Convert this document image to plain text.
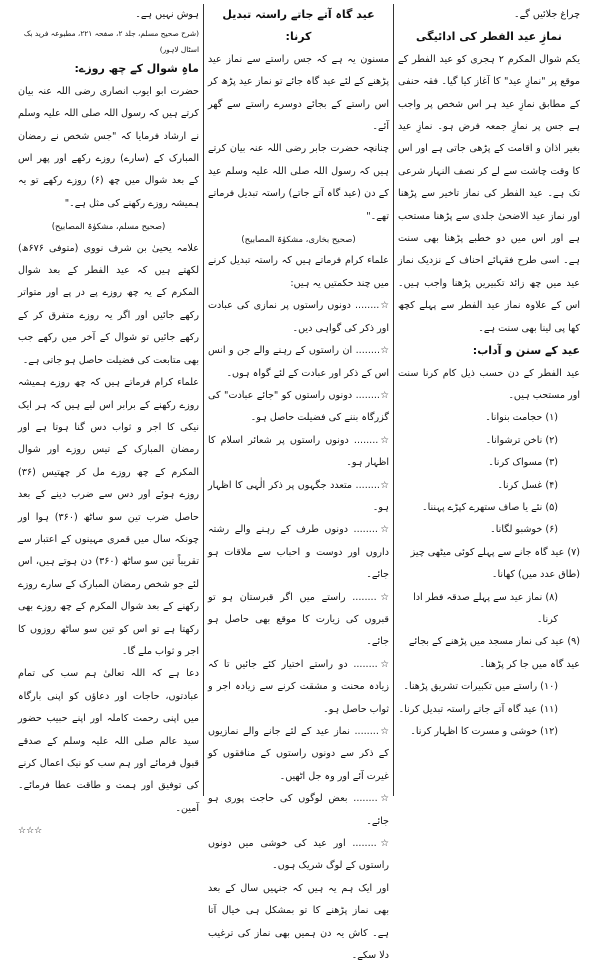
چراغ جلائیں گے۔

نمازِ عید الفطر کی ادائیگی

یکم شوال المکرم ۲ ہجری کو عید الفطر کے موقع پر "نمازِ عید" کا آغاز کیا گیا۔ فقہ حنفی کے مطابق نمازِ عید ہر اس شخص پر واجب ہے جس پر نمازِ جمعہ فرض ہو۔ نمازِ عید بغیر اذان و اقامت کے پڑھی جاتی ہے اور اس کا وقت چاشت سے لے کر نصف النہار شرعی تک ہے۔ عید الفطر کی نماز تاخیر سے پڑھنا اور نماز عید الاضحیٰ جلدی سے پڑھنا مستحب ہے اور اس میں دو خطبے پڑھنا بھی سنت ہے۔ اسی طرح فقہائے احناف کے نزدیک نماز عید میں چھ زائد تکبیریں پڑھنا واجب ہیں۔ اس کے علاوہ نماز عید الفطر سے پہلے کچھ کھا پی لینا بھی سنت ہے۔

عید کے سنن و آداب:

عید الفطر کے دن حسب ذیل کام کرنا سنت اور مستحب ہیں۔

(۱) حجامت بنوانا۔

(۲) ناخن ترشوانا۔

(۳) مسواک کرنا۔

(۴) غسل کرنا۔

(۵) نئے یا صاف ستھرے کپڑے پہننا۔

(۶) خوشبو لگانا۔

(۷) عید گاہ جانے سے پہلے کوئی میٹھی چیز (طاق عدد میں) کھانا۔

(۸) نماز عید سے پہلے صدقہ فطر ادا کرنا۔

(۹) عید کی نماز مسجد میں پڑھنے کے بجائے عید گاہ میں جا کر پڑھنا۔

(۱۰) راستے میں تکبیرات تشریق پڑھنا۔

(۱۱) عید گاہ آتے جاتے راستہ تبدیل کرنا۔

(۱۲) خوشی و مسرت کا اظہار کرنا۔

عید گاہ آتے جاتے راستہ تبدیل کرنا:

مسنون یہ ہے کہ جس راستے سے نماز عید پڑھنے کے لئے عید گاہ جائے تو نماز عید پڑھ کر اس راستے کے بجائے دوسرے راستے سے گھر آئے۔

چنانچہ حضرت جابر رضی اللہ عنہ بیان کرتے ہیں کہ رسول اللہ صلی اللہ علیہ وسلم عید کے دن (عید گاہ آتے جاتے) راستہ تبدیل فرماتے تھے۔"

(صحیح بخاری، مشکوٰۃ المصابیح)

علماء کرام فرماتے ہیں کہ راستہ تبدیل کرنے میں چند حکمتیں یہ ہیں:

☆........ دونوں راستوں پر نمازی کی عبادت اور ذکر کی گواہی دیں۔

☆........ ان راستوں کے رہنے والے جن و انس اس کے ذکر اور عبادت کے لئے گواہ ہوں۔

☆........ دونوں راستوں کو "جائے عبادت" کی گزرگاہ بننے کی فضیلت حاصل ہو۔

☆........ دونوں راستوں پر شعائر اسلام کا اظہار ہو۔

☆........ متعدد جگہوں پر ذکر الٰہی کا اظہار ہو۔

☆........ دونوں طرف کے رہنے والے رشتہ داروں اور دوست و احباب سے ملاقات ہو جائے۔

☆........ راستے میں اگر قبرستان ہو تو قبروں کی زیارت کا موقع بھی حاصل ہو جائے۔

☆........ دو راستے اختیار کئے جائیں تا کہ زیادہ محنت و مشقت کرنے سے زیادہ اجر و ثواب حاصل ہو۔

☆........ نماز عید کے لئے جانے والے نمازیوں کے ذکر سے دونوں راستوں کے منافقوں کو غیرت آئے اور وہ جل اٹھیں۔

☆........ بعض لوگوں کی حاجت پوری ہو جائے۔

☆........ اور عید کی خوشی میں دونوں راستوں کے لوگ شریک ہوں۔

اور ایک ہم یہ ہیں کہ جنہیں سال کے بعد بھی نماز پڑھنے کا تو بمشکل ہی خیال آتا ہے۔ کاش یہ دن ہمیں بھی نماز کی ترغیب دلا سکے۔

ہوش نہیں ہے۔

(شرح صحیح مسلم، جلد ۲، صفحہ ۲۲۱، مطبوعہ فرید بک اسٹال لاہور)

ماہِ شوال کے چھ روزے:

حضرت ابو ایوب انصاری رضی اللہ عنہ بیان کرتے ہیں کہ رسول اللہ صلی اللہ علیہ وسلم نے ارشاد فرمایا کہ "جس شخص نے رمضان المبارک کے (سارے) روزے رکھے اور پھر اس کے بعد شوال میں چھ (۶) روزے رکھے تو یہ ہمیشہ روزے رکھنے کی مثل ہے۔"

(صحیح مسلم، مشکوٰۃ المصابیح)

علامہ یحییٰ بن شرف نووی (متوفی ۶۷۶ھ) لکھتے ہیں کہ عید الفطر کے بعد شوال المکرم کے یہ چھ روزے پے در پے اور متواتر رکھے جائیں اور اگر یہ روزے متفرق کر کے رکھے جائیں تو شوال کے آخر میں رکھے جب بھی متابعت کی فضیلت حاصل ہو جاتی ہے۔

علماء کرام فرماتے ہیں کہ چھ روزے ہمیشہ روزے رکھنے کے برابر اس لیے ہیں کہ ہر ایک نیکی کا اجر و ثواب دس گنا ہوتا ہے اور رمضان المبارک کے تیس روزے اور شوال المکرم کے چھ روزے مل کر چھتیس (۳۶) روزے ہوئے اور دس سے ضرب دینے کے بعد حاصل ضرب تین سو ساٹھ (۳۶۰) ہوا اور چونکہ سال میں قمری مہینوں کے اعتبار سے تقریباً تین سو ساٹھ (۳۶۰) دن ہوتے ہیں، اس لئے جو شخص رمضان المبارک کے سارے روزے رکھنے کے بعد شوال المکرم کے چھ روزے بھی رکھتا ہے تو اس کو تین سو ساٹھ روزوں کا اجر و ثواب ملے گا۔

دعا ہے کہ اللہ تعالیٰ ہم سب کی تمام عبادتوں، حاجات اور دعاؤں کو اپنی بارگاہ میں اپنی رحمت کاملہ اور اپنے حبیب حضور سید عالم صلی اللہ علیہ وسلم کے صدقے قبول فرمائے اور ہم سب کو نیک اعمال کرنے کی توفیق اور ہمت و طاقت عطا فرمائے۔ آمین۔

☆☆☆
